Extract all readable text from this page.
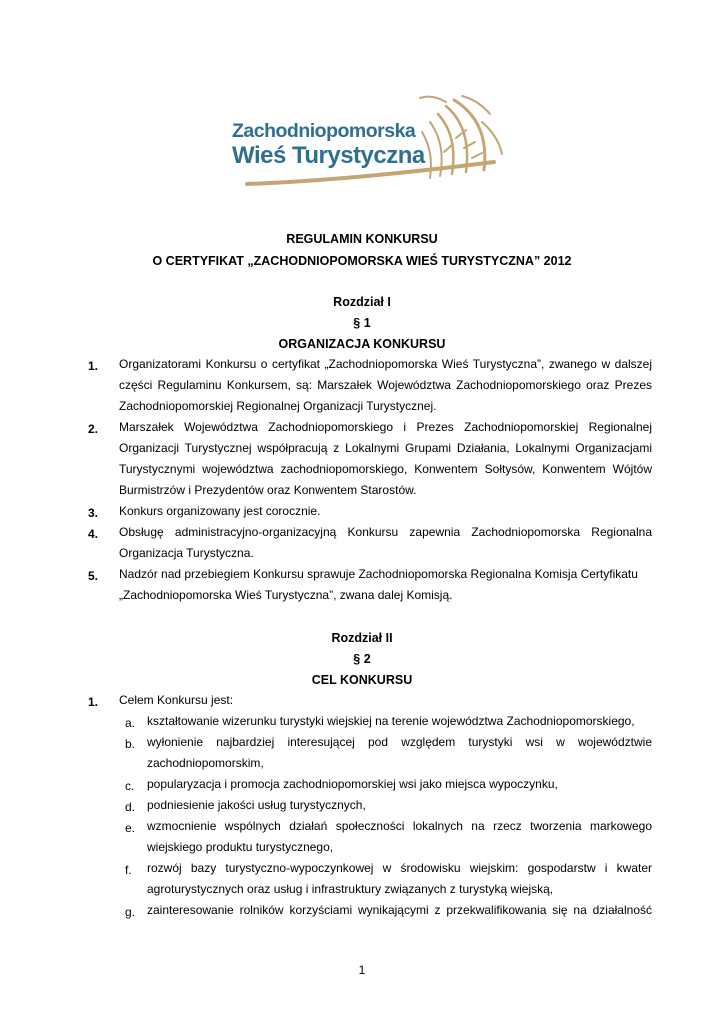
Zachodniopomorska
Wieś Turystyczna
REGULAMIN KONKURSU
O CERTYFIKAT „ZACHODNIOPOMORSKA WIEŚ TURYSTYCZNA” 2012
Rozdział I
§ 1
ORGANIZACJA KONKURSU
1. Organizatorami Konkursu o certyfikat „Zachodniopomorska Wieś Turystyczna”, zwanego w dalszej
części Regulaminu Konkursem, są: Marszałek Województwa Zachodniopomorskiego oraz Prezes
Zachodniopomorskiej Regionalnej Organizacji Turystycznej.
2. Marszałek Województwa Zachodniopomorskiego i Prezes Zachodniopomorskiej Regionalnej
Organizacji Turystycznej współpracują z Lokalnymi Grupami Działania, Lokalnymi Organizacjami
Turystycznymi województwa zachodniopomorskiego, Konwentem Sołtysów, Konwentem Wójtów
Burmistrzów i Prezydentów oraz Konwentem Starostów.
3. Konkurs organizowany jest corocznie.
4. Obsługę administracyjno-organizacyjną Konkursu zapewnia Zachodniopomorska Regionalna
Organizacja Turystyczna.
5. Nadzór nad przebiegiem Konkursu sprawuje Zachodniopomorska Regionalna Komisja Certyfikatu
„Zachodniopomorska Wieś Turystyczna”, zwana dalej Komisją.
Rozdział II
§ 2
CEL KONKURSU
1. Celem Konkursu jest:
a. kształtowanie wizerunku turystyki wiejskiej na terenie województwa Zachodniopomorskiego,
b. wyłonienie najbardziej interesującej pod względem turystyki wsi w województwie
zachodniopomorskim,
c. popularyzacja i promocja zachodniopomorskiej wsi jako miejsca wypoczynku,
d. podniesienie jakości usług turystycznych,
e. wzmocnienie wspólnych działań społeczności lokalnych na rzecz tworzenia markowego
wiejskiego produktu turystycznego,
f. rozwój bazy turystyczno-wypoczynkowej w środowisku wiejskim: gospodarstw i kwater
agroturystycznych oraz usług i infrastruktury związanych z turystyką wiejską,
g. zainteresowanie rolników korzyściami wynikającymi z przekwalifikowania się na działalność
1
